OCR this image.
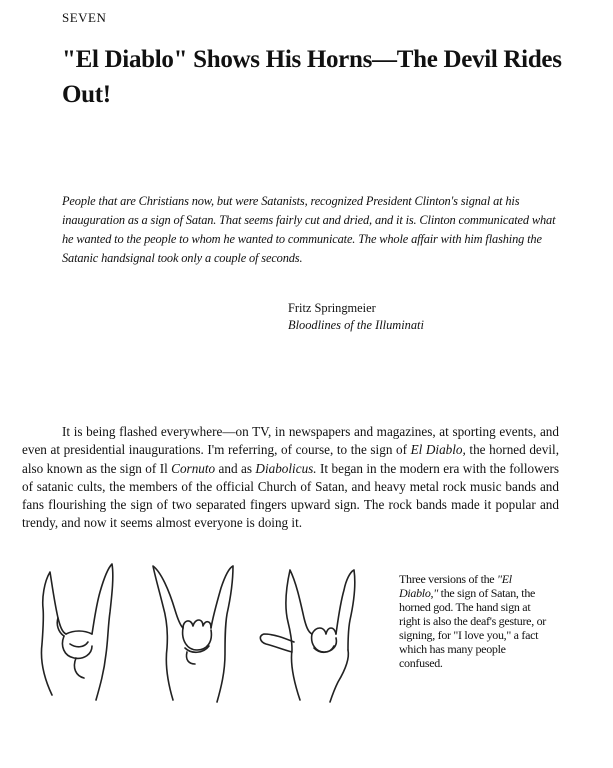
SEVEN
"El Diablo" Shows His Horns—The Devil Rides Out!

People that are Christians now, but were Satanists, recognized President Clinton's signal at his inauguration as a sign of Satan. That seems fairly cut and dried, and it is. Clinton communicated what he wanted to the people to whom he wanted to communicate. The whole affair with him flashing the Satanic handsignal took only a couple of seconds.

Fritz Springmeier
Bloodlines of the Illuminati

It is being flashed everywhere—on TV, in newspapers and magazines, at sporting events, and even at presidential inaugurations. I'm referring, of course, to the sign of El Diablo, the horned devil, also known as the sign of Il Cornuto and as Diabolicus. It began in the modern era with the followers of satanic cults, the members of the official Church of Satan, and heavy metal rock music bands and fans flourishing the sign of two separated fingers upward sign. The rock bands made it popular and trendy, and now it seems almost everyone is doing it.

Three versions of the "El Diablo," the sign of Satan, the horned god. The hand sign at right is also the deaf's gesture, or signing, for "I love you," a fact which has many people confused.
